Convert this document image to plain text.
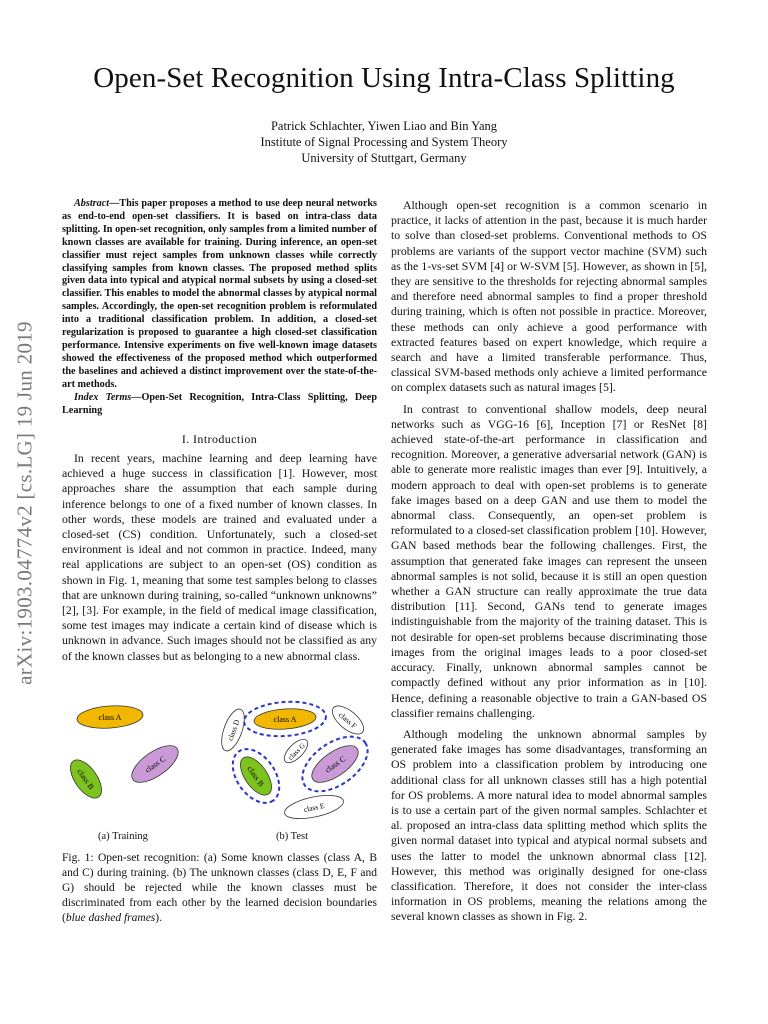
Open-Set Recognition Using Intra-Class Splitting
Patrick Schlachter, Yiwen Liao and Bin Yang
Institute of Signal Processing and System Theory
University of Stuttgart, Germany
arXiv:1903.04774v2 [cs.LG] 19 Jun 2019
Abstract—This paper proposes a method to use deep neural networks as end-to-end open-set classifiers. It is based on intra-class data splitting. In open-set recognition, only samples from a limited number of known classes are available for training. During inference, an open-set classifier must reject samples from unknown classes while correctly classifying samples from known classes. The proposed method splits given data into typical and atypical normal subsets by using a closed-set classifier. This enables to model the abnormal classes by atypical normal samples. Accordingly, the open-set recognition problem is reformulated into a traditional classification problem. In addition, a closed-set regularization is proposed to guarantee a high closed-set classification performance. Intensive experiments on five well-known image datasets showed the effectiveness of the proposed method which outperformed the baselines and achieved a distinct improvement over the state-of-the-art methods.
Index Terms—Open-Set Recognition, Intra-Class Splitting, Deep Learning
I. Introduction

In recent years, machine learning and deep learning have achieved a huge success in classification [1]. However, most approaches share the assumption that each sample during inference belongs to one of a fixed number of known classes. In other words, these models are trained and evaluated under a closed-set (CS) condition. Unfortunately, such a closed-set environment is ideal and not common in practice. Indeed, many real applications are subject to an open-set (OS) condition as shown in Fig. 1, meaning that some test samples belong to classes that are unknown during training, so-called “unknown unknowns” [2], [3]. For example, in the field of medical image classification, some test images may indicate a certain kind of disease which is unknown in advance. Such images should not be classified as any of the known classes but as belonging to a new abnormal class.

class A
class B
class C
class D	class A	class F
class G
class B	class C
class E
(a) Training	(b) Test
Fig. 1: Open-set recognition: (a) Some known classes (class A, B and C) during training. (b) The unknown classes (class D, E, F and G) should be rejected while the known classes must be discriminated from each other by the learned decision boundaries (blue dashed frames).

Although open-set recognition is a common scenario in practice, it lacks of attention in the past, because it is much harder to solve than closed-set problems. Conventional methods to OS problems are variants of the support vector machine (SVM) such as the 1-vs-set SVM [4] or W-SVM [5]. However, as shown in [5], they are sensitive to the thresholds for rejecting abnormal samples and therefore need abnormal samples to find a proper threshold during training, which is often not possible in practice. Moreover, these methods can only achieve a good performance with extracted features based on expert knowledge, which require a search and have a limited transferable performance. Thus, classical SVM-based methods only achieve a limited performance on complex datasets such as natural images [5].

In contrast to conventional shallow models, deep neural networks such as VGG-16 [6], Inception [7] or ResNet [8] achieved state-of-the-art performance in classification and recognition. Moreover, a generative adversarial network (GAN) is able to generate more realistic images than ever [9]. Intuitively, a modern approach to deal with open-set problems is to generate fake images based on a deep GAN and use them to model the abnormal class. Consequently, an open-set problem is reformulated to a closed-set classification problem [10]. However, GAN based methods bear the following challenges. First, the assumption that generated fake images can represent the unseen abnormal samples is not solid, because it is still an open question whether a GAN structure can really approximate the true data distribution [11]. Second, GANs tend to generate images indistinguishable from the majority of the training dataset. This is not desirable for open-set problems because discriminating those images from the original images leads to a poor closed-set accuracy. Finally, unknown abnormal samples cannot be compactly defined without any prior information as in [10]. Hence, defining a reasonable objective to train a GAN-based OS classifier remains challenging.

Although modeling the unknown abnormal samples by generated fake images has some disadvantages, transforming an OS problem into a classification problem by introducing one additional class for all unknown classes still has a high potential for OS problems. A more natural idea to model abnormal samples is to use a certain part of the given normal samples. Schlachter et al. proposed an intra-class data splitting method which splits the given normal dataset into typical and atypical normal subsets and uses the latter to model the unknown abnormal class [12]. However, this method was originally designed for one-class classification. Therefore, it does not consider the inter-class information in OS problems, meaning the relations among the several known classes as shown in Fig. 2.
